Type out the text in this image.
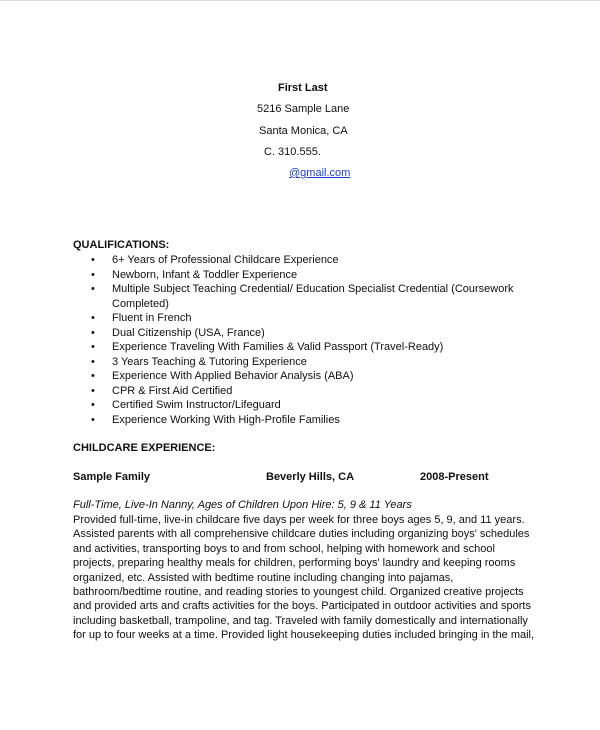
First Last
5216 Sample Lane
Santa Monica, CA
C. 310.555.
@gmail.com
QUALIFICATIONS:
• 6+ Years of Professional Childcare Experience
• Newborn, Infant & Toddler Experience
• Multiple Subject Teaching Credential/ Education Specialist Credential (Coursework Completed)
• Fluent in French
• Dual Citizenship (USA, France)
• Experience Traveling With Families & Valid Passport (Travel-Ready)
• 3 Years Teaching & Tutoring Experience
• Experience With Applied Behavior Analysis (ABA)
• CPR & First Aid Certified
• Certified Swim Instructor/Lifeguard
• Experience Working With High-Profile Families
CHILDCARE EXPERIENCE:
Sample Family	Beverly Hills, CA	2008-Present
Full-Time, Live-In Nanny, Ages of Children Upon Hire: 5, 9 & 11 Years

Provided full-time, live-in childcare five days per week for three boys ages 5, 9, and 11 years. Assisted parents with all comprehensive childcare duties including organizing boys' schedules and activities, transporting boys to and from school, helping with homework and school projects, preparing healthy meals for children, performing boys' laundry and keeping rooms organized, etc. Assisted with bedtime routine including changing into pajamas, bathroom/bedtime routine, and reading stories to youngest child. Organized creative projects and provided arts and crafts activities for the boys. Participated in outdoor activities and sports including basketball, trampoline, and tag. Traveled with family domestically and internationally for up to four weeks at a time. Provided light housekeeping duties included bringing in the mail,
